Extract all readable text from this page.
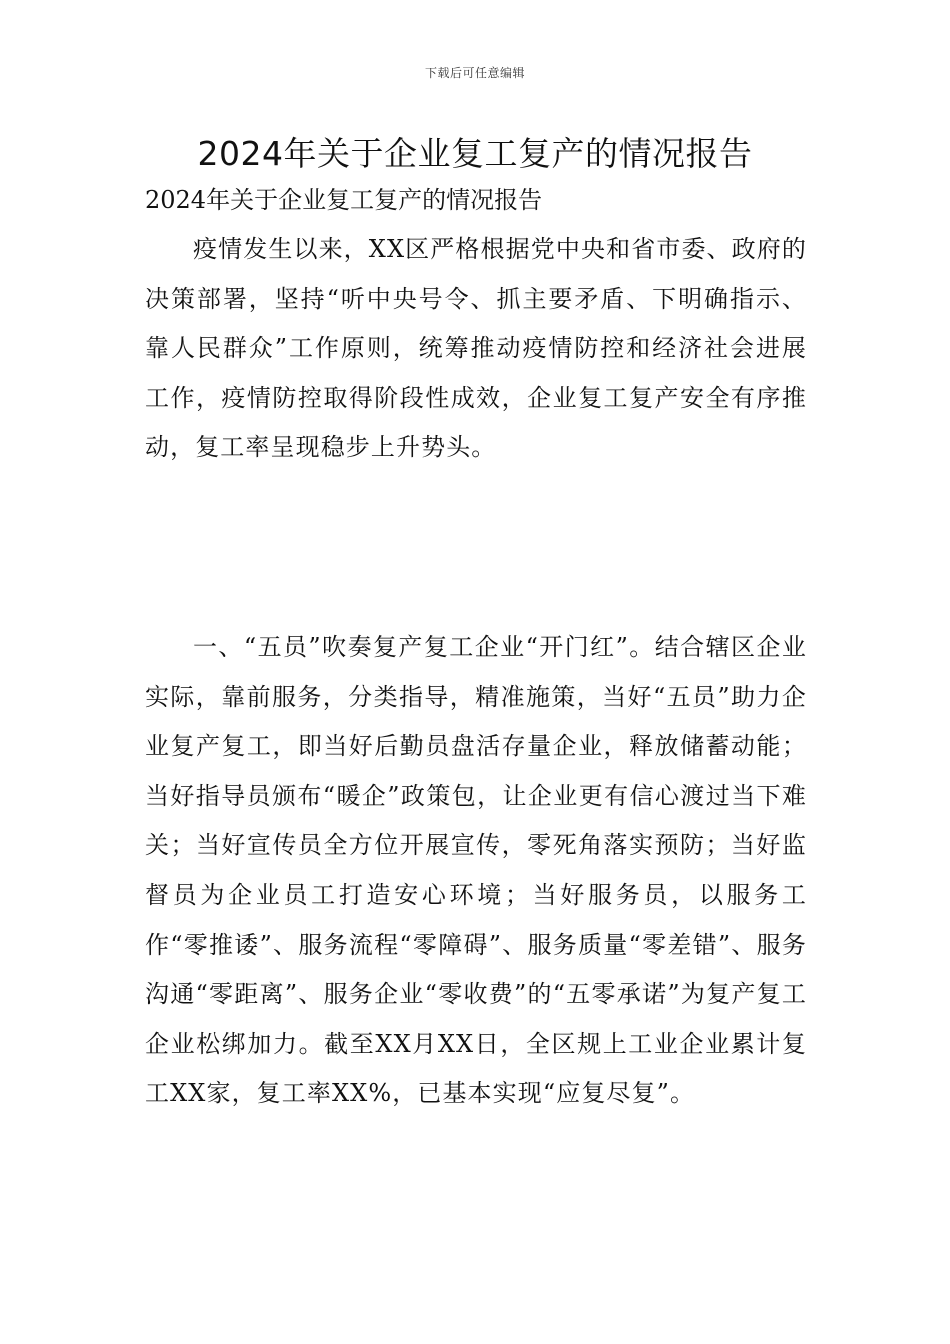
下载后可任意编辑
2024年关于企业复工复产的情况报告
2024年关于企业复工复产的情况报告

疫情发生以来，XX区严格根据党中央和省市委、政府的决策部署，坚持“听中央号令、抓主要矛盾、下明确指示、靠人民群众”工作原则，统筹推动疫情防控和经济社会进展工作，疫情防控取得阶段性成效，企业复工复产安全有序推动，复工率呈现稳步上升势头。

一、“五员”吹奏复产复工企业“开门红”。结合辖区企业实际，靠前服务，分类指导，精准施策，当好“五员”助力企业复产复工，即当好后勤员盘活存量企业，释放储蓄动能；当好指导员颁布“暖企”政策包，让企业更有信心渡过当下难关；当好宣传员全方位开展宣传，零死角落实预防；当好监督员为企业员工打造安心环境；当好服务员，以服务工作“零推诿”、服务流程“零障碍”、服务质量“零差错”、服务沟通“零距离”、服务企业“零收费”的“五零承诺”为复产复工企业松绑加力。截至XX月XX日，全区规上工业企业累计复工XX家，复工率XX%，已基本实现“应复尽复”。
